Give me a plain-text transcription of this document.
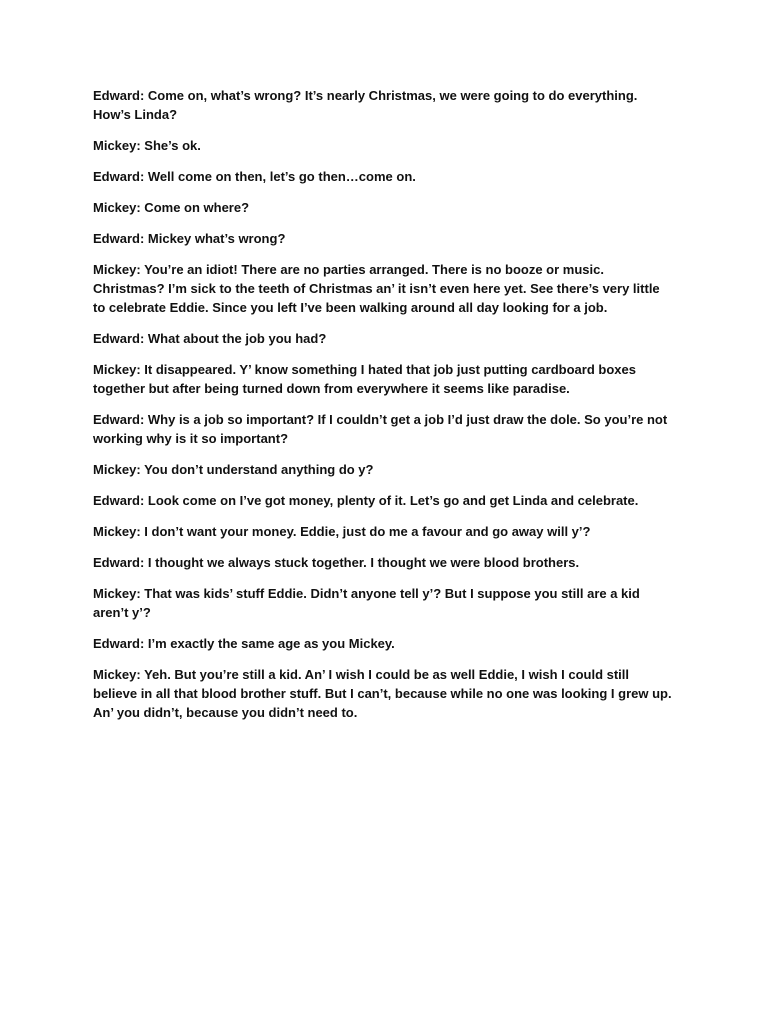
Edward: Come on, what’s wrong? It’s nearly Christmas, we were going to do everything. How’s Linda?

Mickey: She’s ok.

Edward: Well come on then, let’s go then…come on.

Mickey: Come on where?

Edward: Mickey what’s wrong?

Mickey: You’re an idiot! There are no parties arranged. There is no booze or music. Christmas? I’m sick to the teeth of Christmas an’ it isn’t even here yet. See there’s very little to celebrate Eddie. Since you left I’ve been walking around all day looking for a job.

Edward: What about the job you had?

Mickey: It disappeared. Y’ know something I hated that job just putting cardboard boxes together but after being turned down from everywhere it seems like paradise.

Edward: Why is a job so important? If I couldn’t get a job I’d just draw the dole. So you’re not working why is it so important?

Mickey: You don’t understand anything do y?

Edward: Look come on I’ve got money, plenty of it. Let’s go and get Linda and celebrate.

Mickey: I don’t want your money. Eddie, just do me a favour and go away will y’?

Edward: I thought we always stuck together. I thought we were blood brothers.

Mickey: That was kids’ stuff Eddie. Didn’t anyone tell y’? But I suppose you still are a kid aren’t y’?

Edward: I’m exactly the same age as you Mickey.

Mickey: Yeh. But you’re still a kid. An’ I wish I could be as well Eddie, I wish I could still believe in all that blood brother stuff. But I can’t, because while no one was looking I grew up. An’ you didn’t, because you didn’t need to.
